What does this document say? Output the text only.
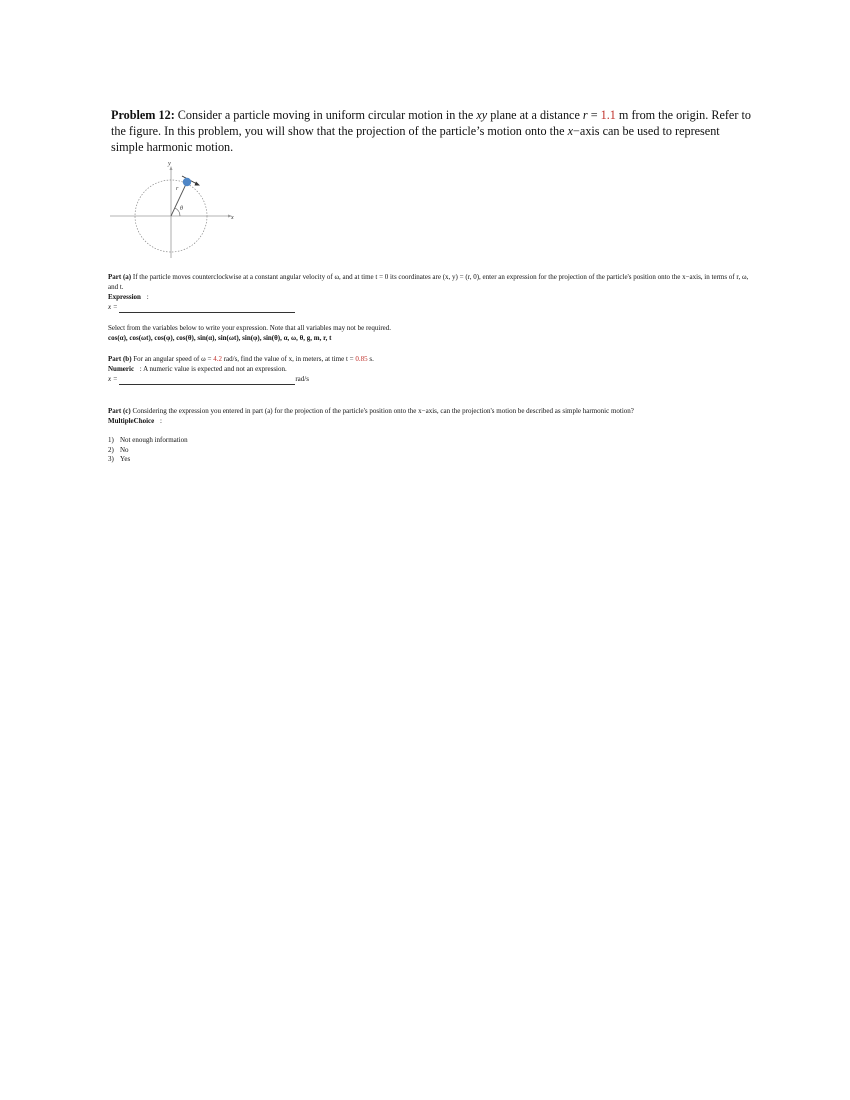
Problem 12: Consider a particle moving in uniform circular motion in the xy plane at a distance r = 1.1 m from the origin. Refer to the figure. In this problem, you will show that the projection of the particle’s motion onto the x−axis can be used to represent simple harmonic motion.
y
x
r
θ
Part (a) If the particle moves counterclockwise at a constant angular velocity of ω, and at time t = 0 its coordinates are (x, y) = (r, 0), enter an expression for the projection of the particle's position onto the x−axis, in terms of r, ω, and t.
Expression :
x =
Select from the variables below to write your expression. Note that all variables may not be required.
cos(α), cos(ωt), cos(φ), cos(θ), sin(α), sin(ωt), sin(φ), sin(θ), α, ω, θ, g, m, r, t
Part (b) For an angular speed of ω = 4.2 rad/s, find the value of x, in meters, at time t = 0.85 s.
Numeric : A numeric value is expected and not an expression.
x =	rad/s
Part (c) Considering the expression you entered in part (a) for the projection of the particle's position onto the x−axis, can the projection's motion be described as simple harmonic motion?
MultipleChoice :
1) Not enough information
2) No
3) Yes
